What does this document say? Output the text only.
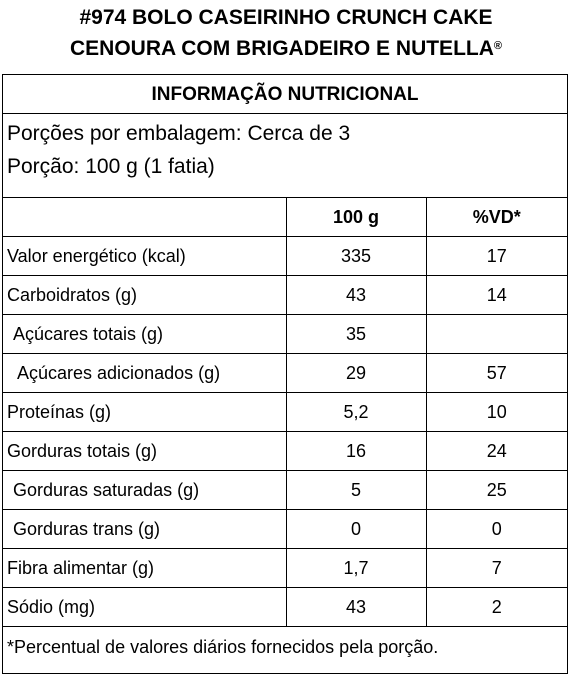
#974 BOLO CASEIRINHO CRUNCH CAKE
CENOURA COM BRIGADEIRO E NUTELLA®
INFORMAÇÃO NUTRICIONAL
Porções por embalagem: Cerca de 3
Porção: 100 g (1 fatia)
	100 g	%VD*
Valor energético (kcal)	335	17
Carboidratos (g)	43	14
Açúcares totais (g)	35	
Açúcares adicionados (g)	29	57
Proteínas (g)	5,2	10
Gorduras totais (g)	16	24
Gorduras saturadas (g)	5	25
Gorduras trans (g)	0	0
Fibra alimentar (g)	1,7	7
Sódio (mg)	43	2
*Percentual de valores diários fornecidos pela porção.
